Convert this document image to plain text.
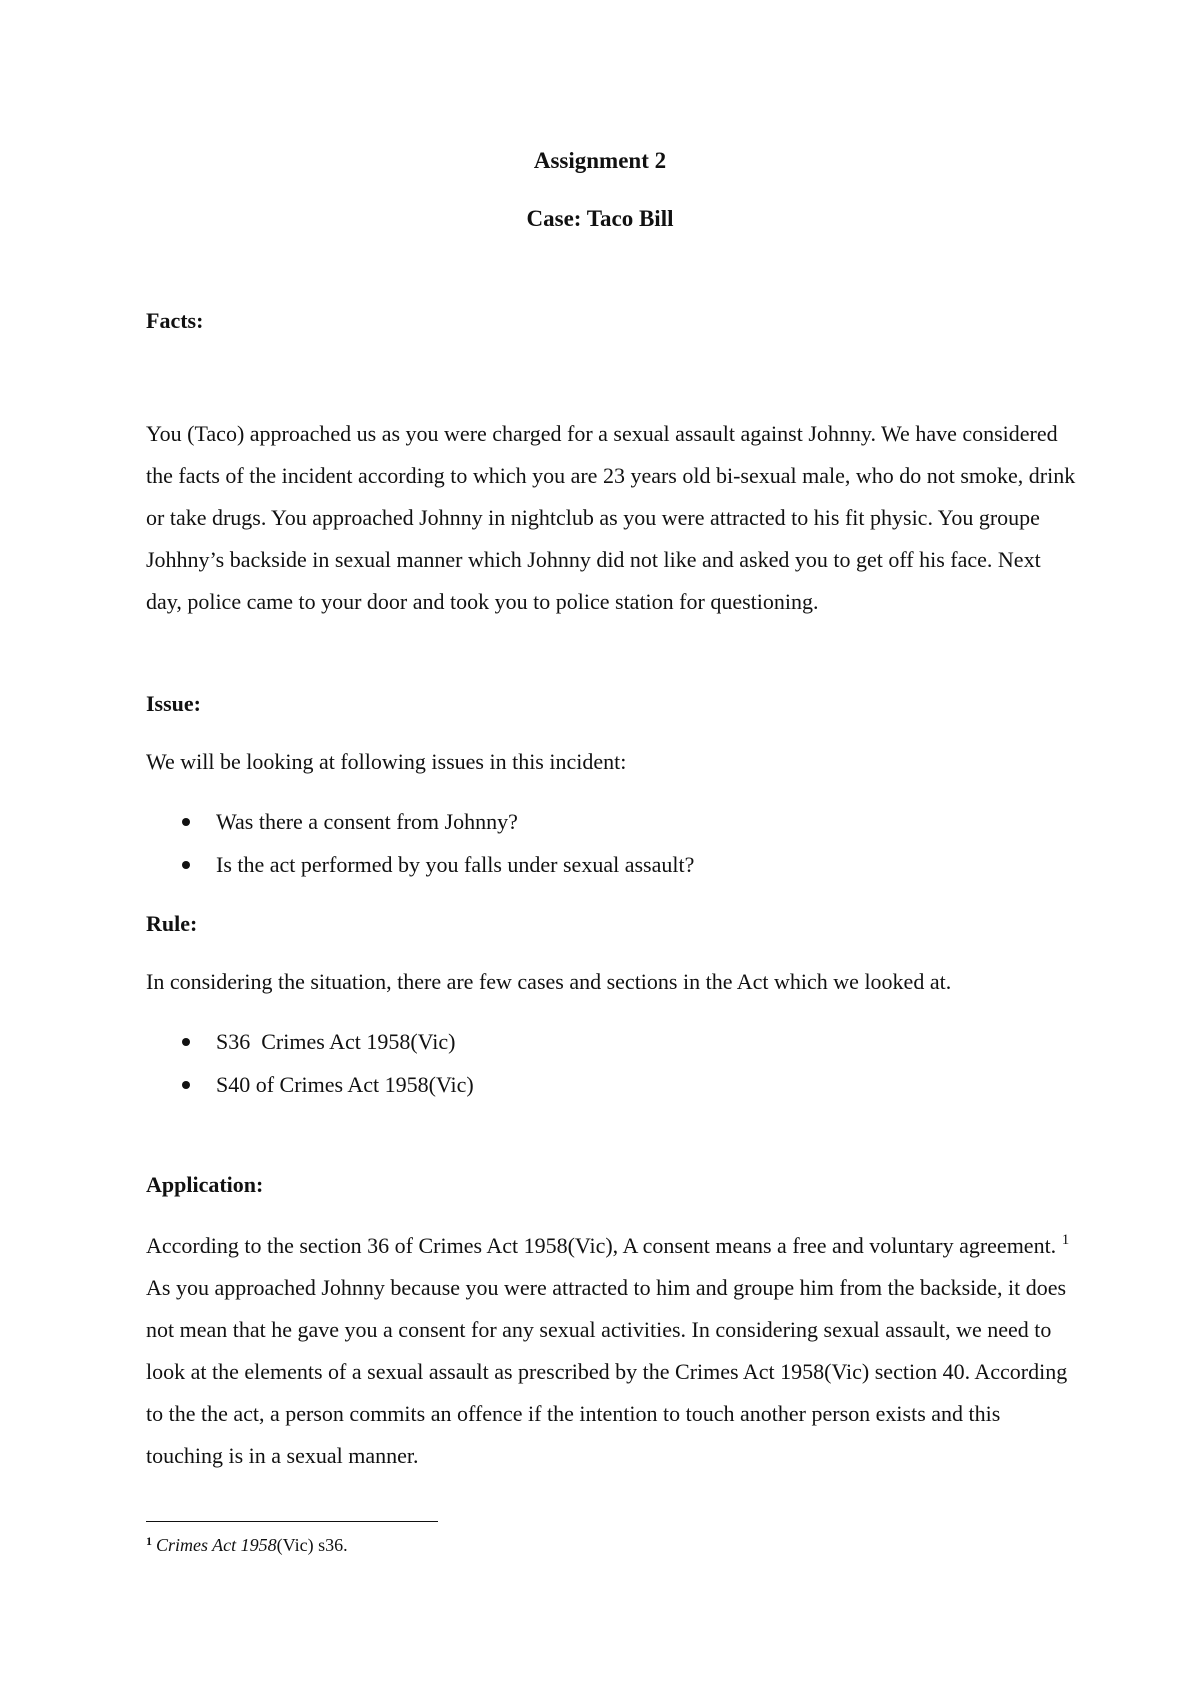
Assignment 2
Case: Taco Bill
Facts:

You (Taco) approached us as you were charged for a sexual assault against Johnny. We have considered the facts of the incident according to which you are 23 years old bi-sexual male, who do not smoke, drink or take drugs. You approached Johnny in nightclub as you were attracted to his fit physic. You groupe Johhny’s backside in sexual manner which Johnny did not like and asked you to get off his face. Next day, police came to your door and took you to police station for questioning.

Issue:
We will be looking at following issues in this incident:
Was there a consent from Johnny?
Is the act performed by you falls under sexual assault?
Rule:
In considering the situation, there are few cases and sections in the Act which we looked at.
S36  Crimes Act 1958(Vic)
S40 of Crimes Act 1958(Vic)
Application:

According to the section 36 of Crimes Act 1958(Vic), A consent means a free and voluntary agreement. $^1$ As you approached Johnny because you were attracted to him and groupe him from the backside, it does not mean that he gave you a consent for any sexual activities. In considering sexual assault, we need to look at the elements of a sexual assault as prescribed by the Crimes Act 1958(Vic) section 40. According to the the act, a person commits an offence if the intention to touch another person exists and this touching is in a sexual manner.

$^1$ Crimes Act 1958(Vic) s36.
